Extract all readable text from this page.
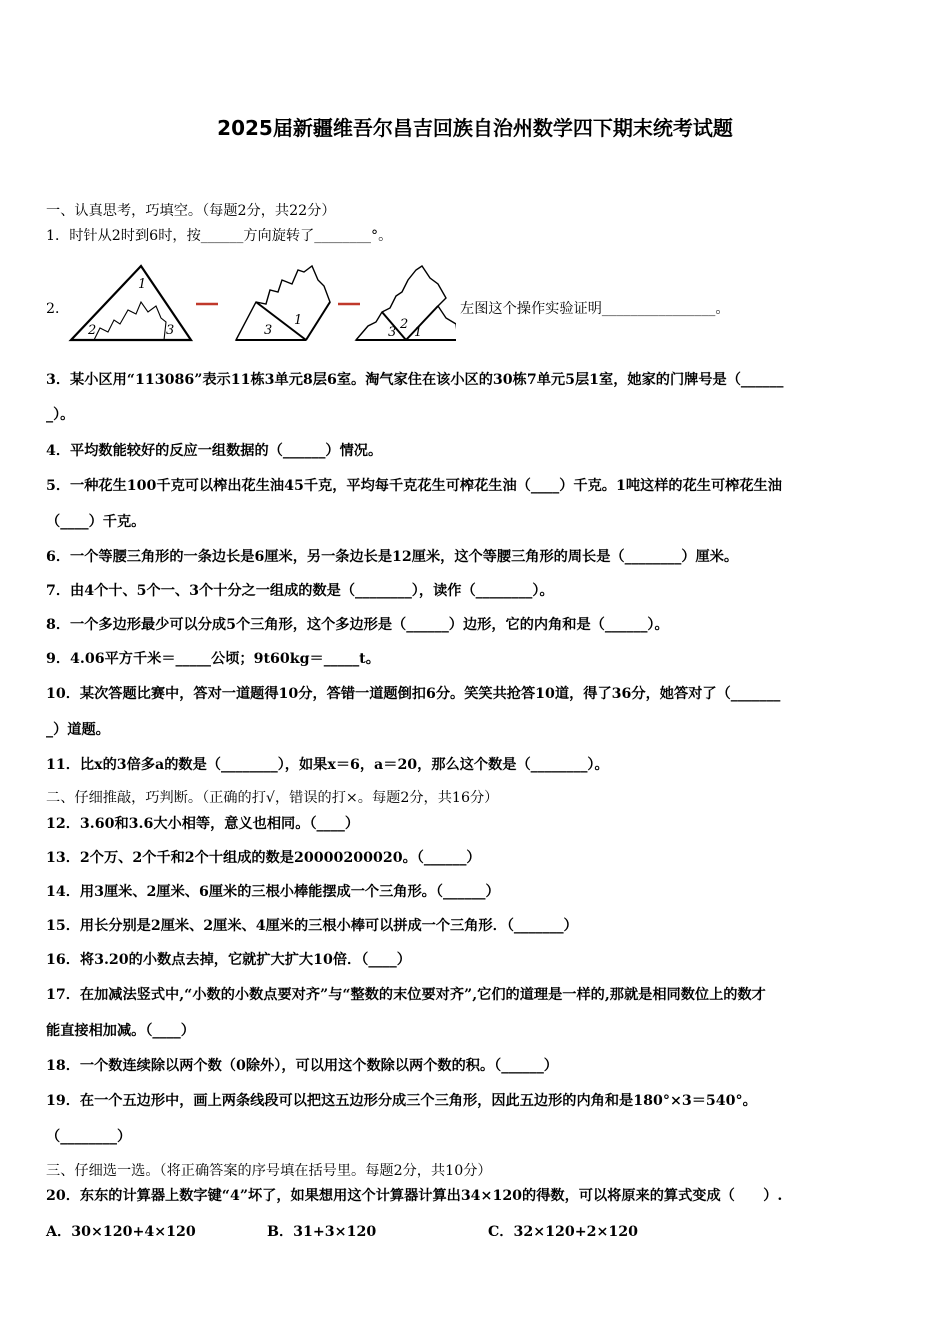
2025届新疆维吾尔昌吉回族自治州数学四下期末统考试题
一、认真思考，巧填空。（每题2分，共22分）
1．时针从2时到6时，按______方向旋转了________°。
2．
1
2	3	3
1
3
2
1
左图这个操作实验证明________________。
3．某小区用“113086”表示11栋3单元8层6室。淘气家住在该小区的30栋7单元5层1室，她家的门牌号是（______
_）。
4．平均数能较好的反应一组数据的（______）情况。
5．一种花生100千克可以榨出花生油45千克，平均每千克花生可榨花生油（____）千克。1吨这样的花生可榨花生油
（____）千克。
6．一个等腰三角形的一条边长是6厘米，另一条边长是12厘米，这个等腰三角形的周长是（________）厘米。
7．由4个十、5个一、3个十分之一组成的数是（________），读作（________）。
8．一个多边形最少可以分成5个三角形，这个多边形是（______）边形，它的内角和是（______）。
9．4.06平方千米＝_____公顷；9t60kg＝_____t。
10．某次答题比赛中，答对一道题得10分，答错一道题倒扣6分。笑笑共抢答10道，得了36分，她答对了（_______
_）道题。
11．比x的3倍多a的数是（________），如果x＝6，a＝20，那么这个数是（________）。
二、仔细推敲，巧判断。（正确的打√，错误的打×。每题2分，共16分）
12．3.60和3.6大小相等，意义也相同。（____）
13．2个万、2个千和2个十组成的数是20000200020。（______）
14．用3厘米、2厘米、6厘米的三根小棒能摆成一个三角形。（______）
15．用长分别是2厘米、2厘米、4厘米的三根小棒可以拼成一个三角形．（_______）
16．将3.20的小数点去掉，它就扩大扩大10倍．（____）
17．在加减法竖式中,“小数的小数点要对齐”与“整数的末位要对齐”,它们的道理是一样的,那就是相同数位上的数才
能直接相加减。（____）
18．一个数连续除以两个数（0除外），可以用这个数除以两个数的积。（______）
19．在一个五边形中，画上两条线段可以把这五边形分成三个三角形，因此五边形的内角和是180°×3＝540°。
（________）
三、仔细选一选。（将正确答案的序号填在括号里。每题2分，共10分）
20．东东的计算器上数字键“4”坏了，如果想用这个计算器计算出34×120的得数，可以将原来的算式变成（　　）.
A．30×120+4×120	B．31+3×120	C．32×120+2×120
